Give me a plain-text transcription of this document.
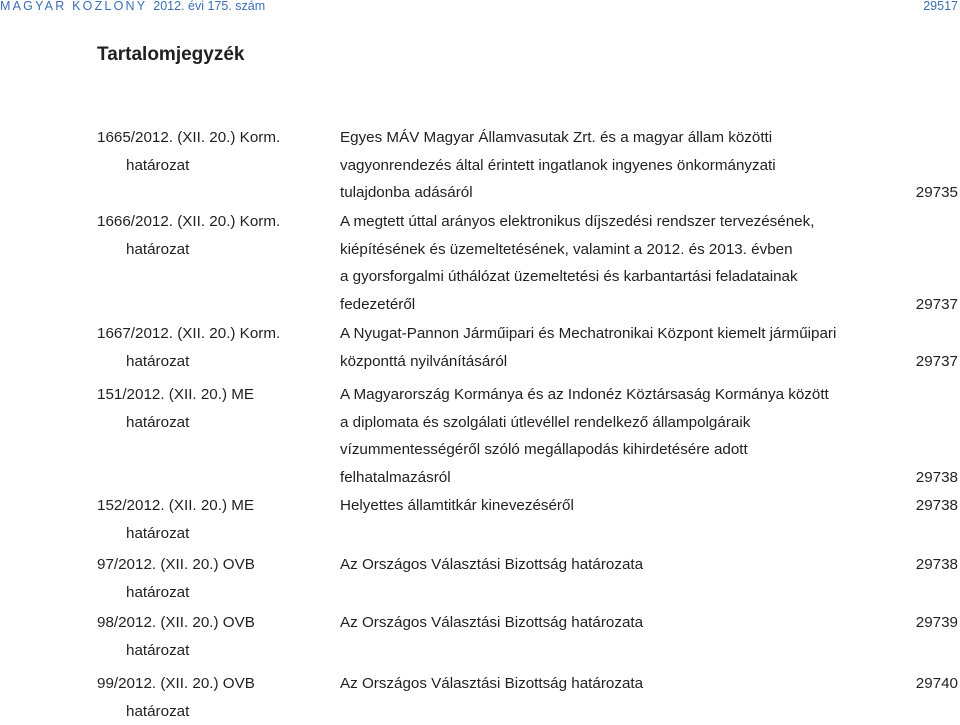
MAGYAR KÖZLÖNY 2012. évi 175. szám	29517
Tartalomjegyzék
1665/2012. (XII. 20.) Korm.
határozat
Egyes MÁV Magyar Államvasutak Zrt. és a magyar állam közötti
vagyonrendezés által érintett ingatlanok ingyenes önkormányzati
tulajdonba adásáról	29735
1666/2012. (XII. 20.) Korm.
határozat
A megtett úttal arányos elektronikus díjszedési rendszer tervezésének,
kiépítésének és üzemeltetésének, valamint a 2012. és 2013. évben
a gyorsforgalmi úthálózat üzemeltetési és karbantartási feladatainak
fedezetéről	29737
1667/2012. (XII. 20.) Korm.
határozat
A Nyugat-Pannon Járműipari és Mechatronikai Központ kiemelt járműipari
központtá nyilvánításáról	29737
151/2012. (XII. 20.) ME
határozat
A Magyarország Kormánya és az Indonéz Köztársaság Kormánya között
a diplomata és szolgálati útlevéllel rendelkező állampolgáraik
vízummentességéről szóló megállapodás kihirdetésére adott
felhatalmazásról	29738
152/2012. (XII. 20.) ME
határozat
Helyettes államtitkár kinevezéséről	29738
97/2012. (XII. 20.) OVB
határozat
Az Országos Választási Bizottság határozata	29738
98/2012. (XII. 20.) OVB
határozat
Az Országos Választási Bizottság határozata	29739
99/2012. (XII. 20.) OVB
határozat
Az Országos Választási Bizottság határozata	29740
